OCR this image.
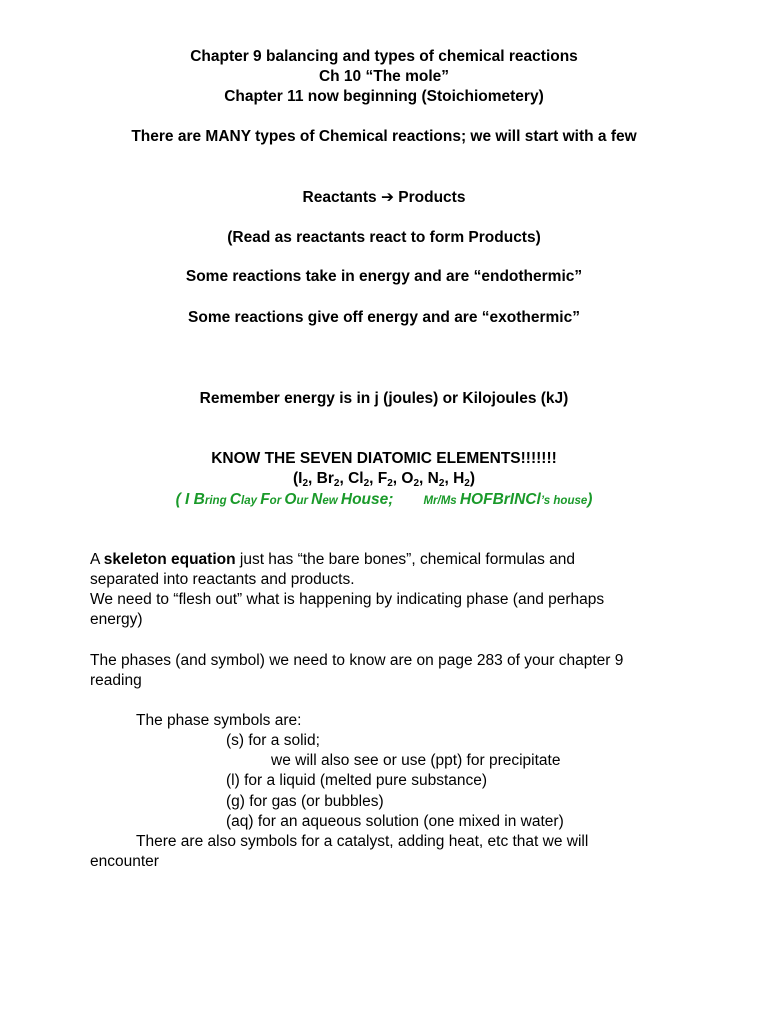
Chapter 9 balancing and types of chemical reactions
Ch 10 “The mole”
Chapter 11 now beginning (Stoichiometery)
There are MANY types of Chemical reactions; we will start with a few
Reactants ➔ Products
(Read as reactants react to form Products)
Some reactions take in energy and are “endothermic”
Some reactions give off energy and are “exothermic”
Remember energy is in j (joules) or Kilojoules (kJ)
KNOW THE SEVEN DIATOMIC ELEMENTS!!!!!!!
($I_2$, $Br_2$, $Cl_2$, $F_2$, $O_2$, $N_2$, $H_2$)
( I Bring Clay For Our New House;	Mr/Ms HOFBrINCl’s house)
A skeleton equation just has “the bare bones”, chemical formulas and
separated into reactants and products.
We need to “flesh out” what is happening by indicating phase (and perhaps
energy)
The phases (and symbol) we need to know are on page 283 of your chapter 9
reading
The phase symbols are:
(s) for a solid;
we will also see or use (ppt) for precipitate
(l) for a liquid (melted pure substance)
(g) for gas (or bubbles)
(aq) for an aqueous solution (one mixed in water)
There are also symbols for a catalyst, adding heat, etc that we will
encounter
